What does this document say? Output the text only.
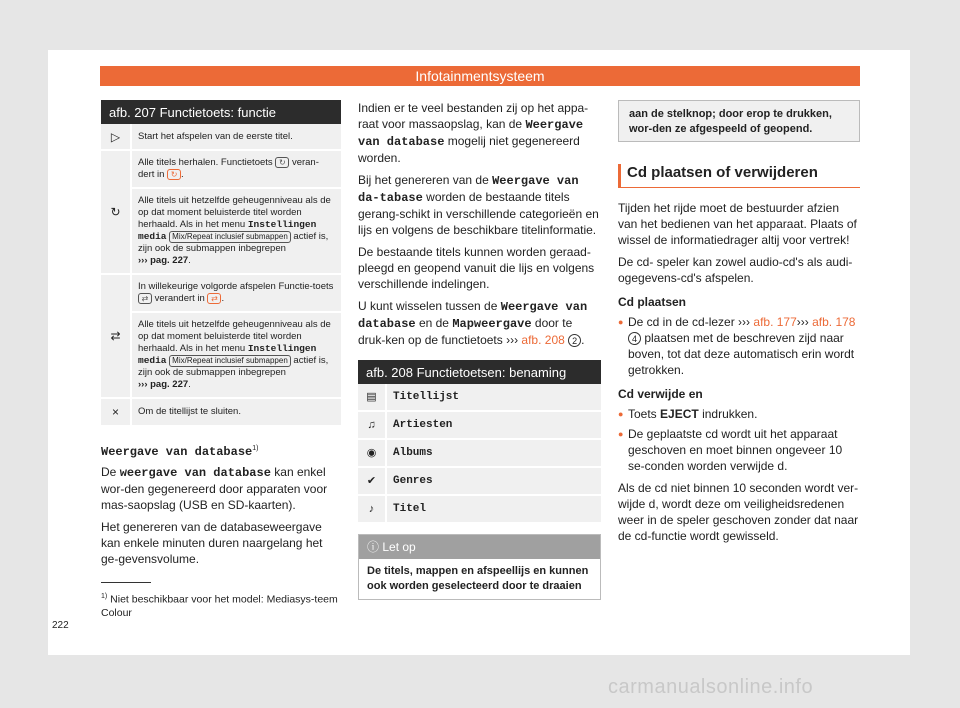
Infotainmentsysteem
afb. 207 Functietoets: functie
▷	Start het afspelen van de eerste titel.
↻	Alle titels herhalen. Functietoets ↻ veran-dert in ↻ .
	Alle titels uit hetzelfde geheugenniveau als de op dat moment beluisterde titel worden herhaald. Als in het menu Instellingen media Mix/Repeat inclusief submappen actief is, zijn ook de submappen inbegrepen
››› pag. 227.
⇄	In willekeurige volgorde afspelen Functie-toets ⇄ verandert in ⇄ .
	Alle titels uit hetzelfde geheugenniveau als de op dat moment beluisterde titel worden herhaald. Als in het menu Instellingen media Mix/Repeat inclusief submappen actief is, zijn ook de submappen inbegrepen
››› pag. 227.
×	Om de titellijst te sluiten.
Weergave van database$^{1)}$

De weergave van database kan enkel wor-den gegenereerd door apparaten voor mas-saopslag (USB en SD-kaarten).

Het genereren van de databaseweergave kan enkele minuten duren naargelang het ge-gevensvolume.

Indien er te veel bestanden zij op het appa-raat voor massaopslag, kan de Weergave van database mogelij niet gegenereerd worden.

Bij het genereren van de Weergave van da-tabase worden de bestaande titels gerang-schikt in verschillende categorieën en lijs en volgens de beschikbare titelinformatie.

De bestaande titels kunnen worden geraad-pleegd en geopend vanuit die lijs en volgens verschillende indelingen.

U kunt wisselen tussen de Weergave van database en de Mapweergave door te druk-ken op de functietoets ››› afb. 208 2 .

afb. 208 Functietoetsen: benaming
▤	Titellijst
♫	Artiesten
◉	Albums
✔	Genres
♪	Titel
ⓘ Let op
De titels, mappen en afspeellijs en kunnen ook worden geselecteerd door te draaien
aan de stelknop; door erop te drukken, wor-den ze afgespeeld of geopend.
Cd plaatsen of verwijderen

Tijden het rijde moet de bestuurder afzien van het bedienen van het apparaat. Plaats of wissel de informatiedrager altij voor vertrek!

De cd- speler kan zowel audio-cd's als audi-ogegevens-cd's afspelen.

Cd plaatsen
● De cd in de cd-lezer ››› afb. 177››› afb. 178 4 plaatsen met de beschreven zijd naar boven, tot dat deze automatisch erin wordt getrokken.
Cd verwijde en
● Toets EJECT indrukken.
● De geplaatste cd wordt uit het apparaat geschoven en moet binnen ongeveer 10 se-conden worden verwijde d.

Als de cd niet binnen 10 seconden wordt ver-wijde d, wordt deze om veiligheidsredenen weer in de speler geschoven zonder dat naar de cd-functie wordt gewisseld.

$^{1)}$ Niet beschikbaar voor het model: Mediasys-teem Colour
222
carmanualsonline.info
